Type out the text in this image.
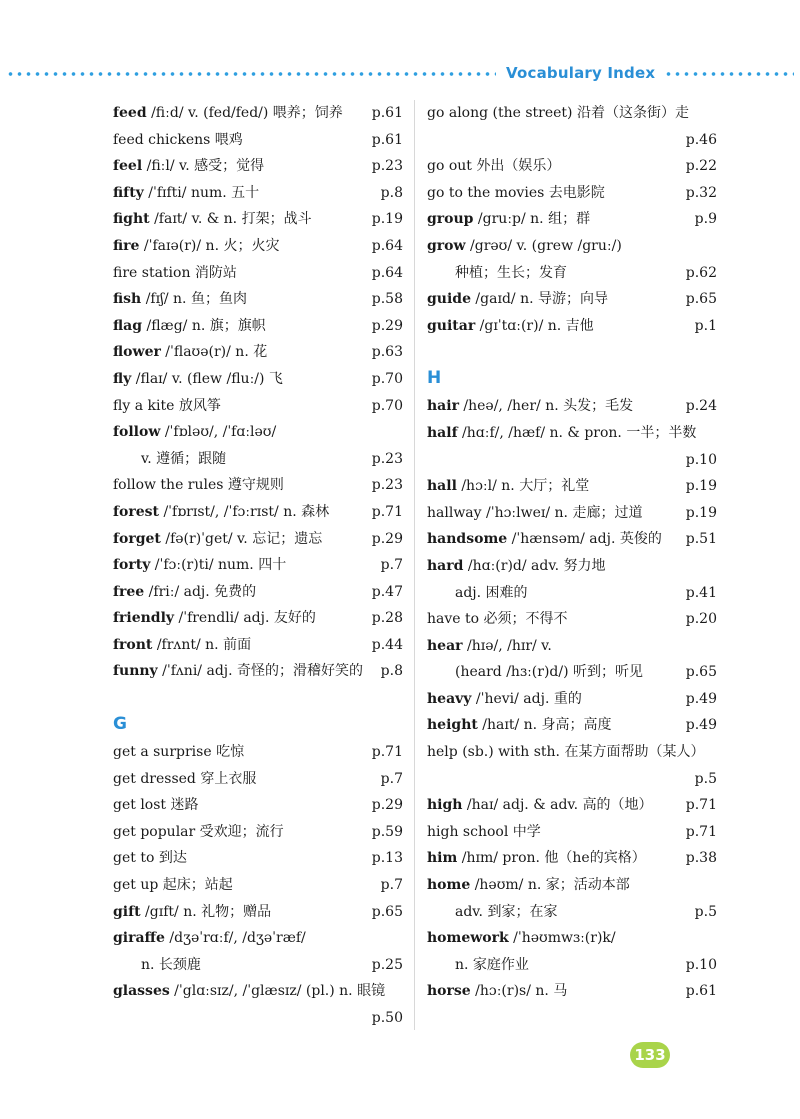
Vocabulary Index
feed /fiːd/ v. (fed/fed/) 喂养；饲养 p.61
feed chickens 喂鸡	p.61
feel /fiːl/ v. 感受；觉得	p.23
fifty /ˈfɪfti/ num. 五十	p.8
fight /faɪt/ v. & n. 打架；战斗	p.19
fire /ˈfaɪə(r)/ n. 火；火灾	p.64
fire station 消防站	p.64
fish /fɪʃ/ n. 鱼；鱼肉	p.58
flag /flæg/ n. 旗；旗帜	p.29
flower /ˈflaʊə(r)/ n. 花	p.63
fly /flaɪ/ v. (flew /fluː/) 飞	p.70
fly a kite 放风筝	p.70
follow /ˈfɒləʊ/, /ˈfɑːləʊ/
v. 遵循；跟随	p.23
follow the rules 遵守规则	p.23
forest /ˈfɒrɪst/, /ˈfɔːrɪst/ n. 森林	p.71
forget /fə(r)ˈget/ v. 忘记；遗忘	p.29
forty /ˈfɔː(r)ti/ num. 四十	p.7
free /friː/ adj. 免费的	p.47
friendly /ˈfrendli/ adj. 友好的	p.28
front /frʌnt/ n. 前面	p.44
funny /ˈfʌni/ adj. 奇怪的；滑稽好笑的 p.8
G
get a surprise 吃惊	p.71
get dressed 穿上衣服	p.7
get lost 迷路	p.29
get popular 受欢迎；流行	p.59
get to 到达	p.13
get up 起床；站起	p.7
gift /gɪft/ n. 礼物；赠品	p.65
giraffe /dʒəˈrɑːf/, /dʒəˈræf/
n. 长颈鹿	p.25
glasses /ˈglɑːsɪz/, /ˈglæsɪz/ (pl.) n. 眼镜
p.50
go along (the street) 沿着（这条街）走
p.46
go out 外出（娱乐）	p.22
go to the movies 去电影院	p.32
group /gruːp/ n. 组；群	p.9
grow /grəʊ/ v. (grew /gruː/)
种植；生长；发育	p.62
guide /gaɪd/ n. 导游；向导	p.65
guitar /gɪˈtɑː(r)/ n. 吉他	p.1
H
hair /heə/, /her/ n. 头发；毛发	p.24
half /hɑːf/, /hæf/ n. & pron. 一半；半数
p.10
hall /hɔːl/ n. 大厅；礼堂	p.19
hallway /ˈhɔːlweɪ/ n. 走廊；过道	p.19
handsome /ˈhænsəm/ adj. 英俊的 p.51
hard /hɑː(r)d/ adv. 努力地
adj. 困难的	p.41
have to 必须；不得不	p.20
hear /hɪə/, /hɪr/ v.
(heard /hɜː(r)d/) 听到；听见	p.65
heavy /ˈhevi/ adj. 重的	p.49
height /haɪt/ n. 身高；高度	p.49
help (sb.) with sth. 在某方面帮助（某人）
p.5
high /haɪ/ adj. & adv. 高的（地） p.71
high school 中学	p.71
him /hɪm/ pron. 他（he的宾格）	p.38
home /həʊm/ n. 家；活动本部
adv. 到家；在家	p.5
homework /ˈhəʊmwɜː(r)k/
n. 家庭作业	p.10
horse /hɔː(r)s/ n. 马	p.61
133
